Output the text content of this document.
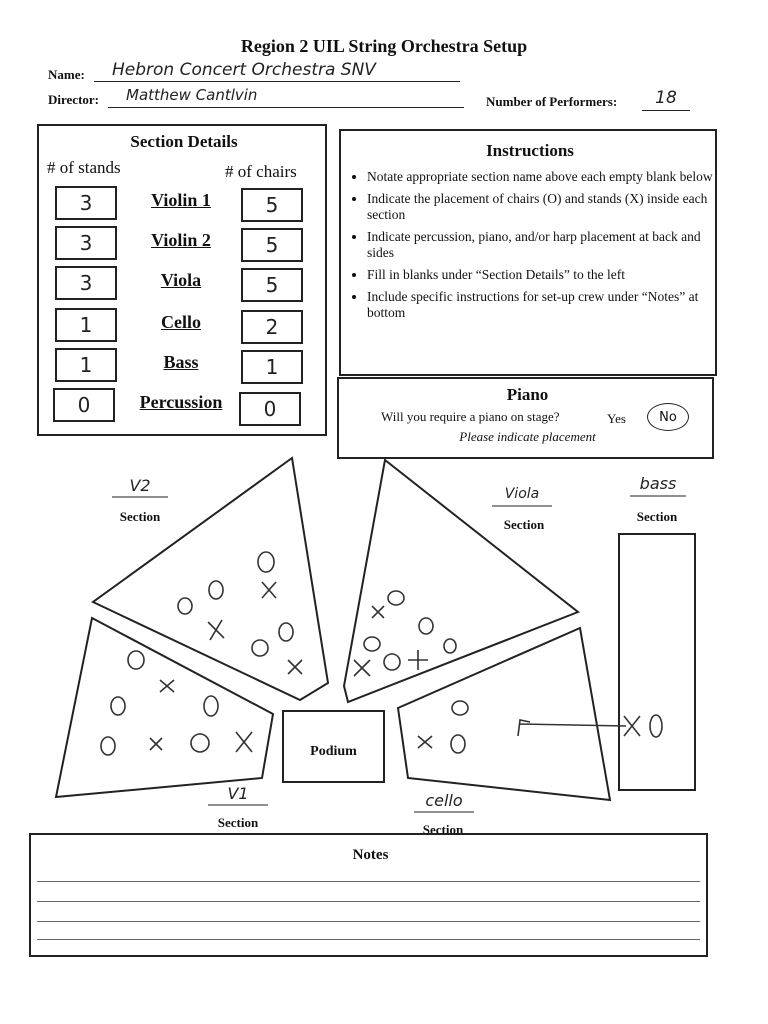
Region 2 UIL String Orchestra Setup
Name:	Hebron Concert Orchestra SNV
Director:	Matthew Cantlvin	Number of Performers:	18
Section Details
# of stands	# of chairs
3	Violin 1	5
3	Violin 2	5
3	Viola	5
1	Cello	2
1	Bass	1
0	Percussion	0
Instructions
• Notate appropriate section name above each empty blank below
• Indicate the placement of chairs (O) and stands (X) inside each section
• Indicate percussion, piano, and/or harp placement at back and sides
• Fill in blanks under “Section Details” to the left
• Include specific instructions for set-up crew under “Notes” at bottom
Piano
Will you require a piano on stage?	Yes	No
Please indicate placement
V2
Section
Viola
Section
bass
Section
Podium
V1
Section
cello
Section
Notes
